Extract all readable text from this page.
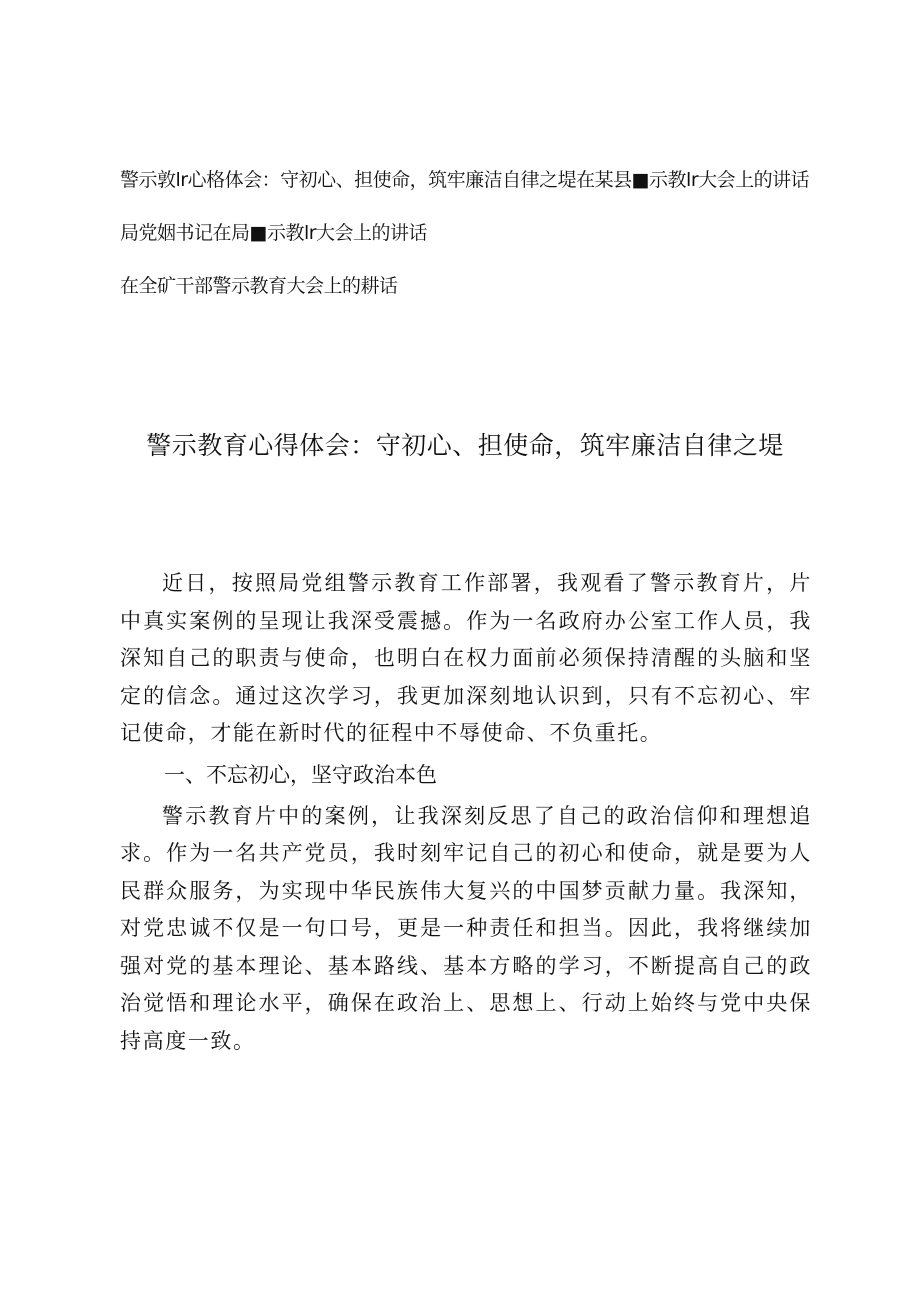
警示敦lr心格体会：守初心、担使命，筑牢廉洁自律之堤在某县■示教lr大会上的讲话

局党姻书记在局■示教lr大会上的讲话

在全矿干部警示教育大会上的耕话

警示教育心得体会：守初心、担使命，筑牢廉洁自律之堤

近日，按照局党组警示教育工作部署，我观看了警示教育片，片中真实案例的呈现让我深受震撼。作为一名政府办公室工作人员，我深知自己的职责与使命，也明白在权力面前必须保持清醒的头脑和坚定的信念。通过这次学习，我更加深刻地认识到，只有不忘初心、牢记使命，才能在新时代的征程中不辱使命、不负重托。

一、不忘初心，坚守政治本色

警示教育片中的案例，让我深刻反思了自己的政治信仰和理想追求。作为一名共产党员，我时刻牢记自己的初心和使命，就是要为人民群众服务，为实现中华民族伟大复兴的中国梦贡献力量。我深知，对党忠诚不仅是一句口号，更是一种责任和担当。因此，我将继续加强对党的基本理论、基本路线、基本方略的学习，不断提高自己的政治觉悟和理论水平，确保在政治上、思想上、行动上始终与党中央保持高度一致。
